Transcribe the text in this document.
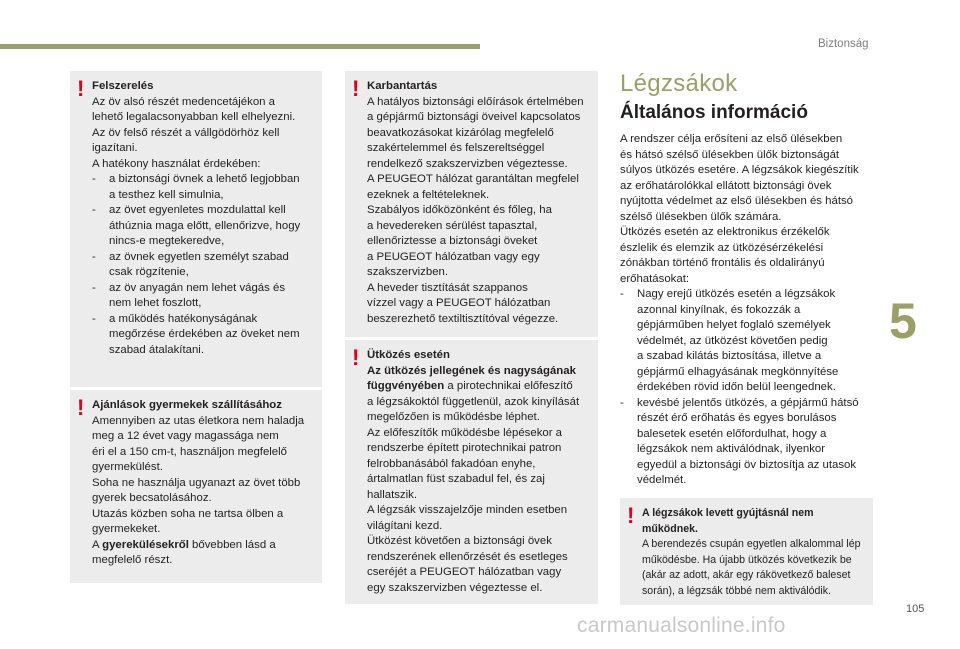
Biztonság
5
105
! Felszerelés
Az öv alsó részét medencetájékon a
lehető legalacsonyabban kell elhelyezni.
Az öv felső részét a vállgödörhöz kell
igazítani.
A hatékony használat érdekében:
- a biztonsági övnek a lehető legjobban
a testhez kell simulnia,
- az övet egyenletes mozdulattal kell
áthúznia maga előtt, ellenőrizve, hogy
nincs-e megtekeredve,
- az övnek egyetlen személyt szabad
csak rögzítenie,
- az öv anyagán nem lehet vágás és
nem lehet foszlott,
- a működés hatékonyságának
megőrzése érdekében az öveket nem
szabad átalakítani.
! Ajánlások gyermekek szállításához
Amennyiben az utas életkora nem haladja
meg a 12 évet vagy magassága nem
éri el a 150 cm-t, használjon megfelelő
gyermekülést.
Soha ne használja ugyanazt az övet több
gyerek becsatolásához.
Utazás közben soha ne tartsa ölben a
gyermekeket.
A gyerekülésekről bővebben lásd a
megfelelő részt.
! Karbantartás
A hatályos biztonsági előírások értelmében
a gépjármű biztonsági öveivel kapcsolatos
beavatkozásokat kizárólag megfelelő
szakértelemmel és felszereltséggel
rendelkező szakszervizben végeztesse.
A PEUGEOT hálózat garantáltan megfelel
ezeknek a feltételeknek.
Szabályos időközönként és főleg, ha
a hevedereken sérülést tapasztal,
ellenőriztesse a biztonsági öveket
a PEUGEOT hálózatban vagy egy
szakszervizben.
A heveder tisztítását szappanos
vízzel vagy a PEUGEOT hálózatban
beszerezhető textiltisztítóval végezze.
! Ütközés esetén
Az ütközés jellegének és nagyságának
függvényében a pirotechnikai előfeszítő
a légzsákoktól függetlenül, azok kinyílását
megelőzően is működésbe léphet.
Az előfeszítők működésbe lépésekor a
rendszerbe épített pirotechnikai patron
felrobbanásából fakadóan enyhe,
ártalmatlan füst szabadul fel, és zaj
hallatszik.
A légzsák visszajelzője minden esetben
világítani kezd.
Ütközést követően a biztonsági övek
rendszerének ellenőrzését és esetleges
cseréjét a PEUGEOT hálózatban vagy
egy szakszervizben végeztesse el.
Légzsákok
Általános információ
A rendszer célja erősíteni az első ülésekben
és hátsó szélső ülésekben ülők biztonságát
súlyos ütközés esetére. A légzsákok kiegészítik
az erőhatárolókkal ellátott biztonsági övek
nyújtotta védelmet az első ülésekben és hátsó
szélső ülésekben ülők számára.
Ütközés esetén az elektronikus érzékelők
észlelik és elemzik az ütközésérzékelési
zónákban történő frontális és oldalirányú
erőhatásokat:
- Nagy erejű ütközés esetén a légzsákok
azonnal kinyílnak, és fokozzák a
gépjárműben helyet foglaló személyek
védelmét, az ütközést követően pedig
a szabad kilátás biztosítása, illetve a
gépjármű elhagyásának megkönnyítése
érdekében rövid időn belül leengednek.
- kevésbé jelentős ütközés, a gépjármű hátsó
részét érő erőhatás és egyes borulásos
balesetek esetén előfordulhat, hogy a
légzsákok nem aktiválódnak, ilyenkor
egyedül a biztonsági öv biztosítja az utasok
védelmét.
! A légzsákok levett gyújtásnál nem
működnek.
A berendezés csupán egyetlen alkalommal lép
működésbe. Ha újabb ütközés következik be
(akár az adott, akár egy rákövetkező baleset
során), a légzsák többé nem aktiválódik.
carmanualsonline.info
